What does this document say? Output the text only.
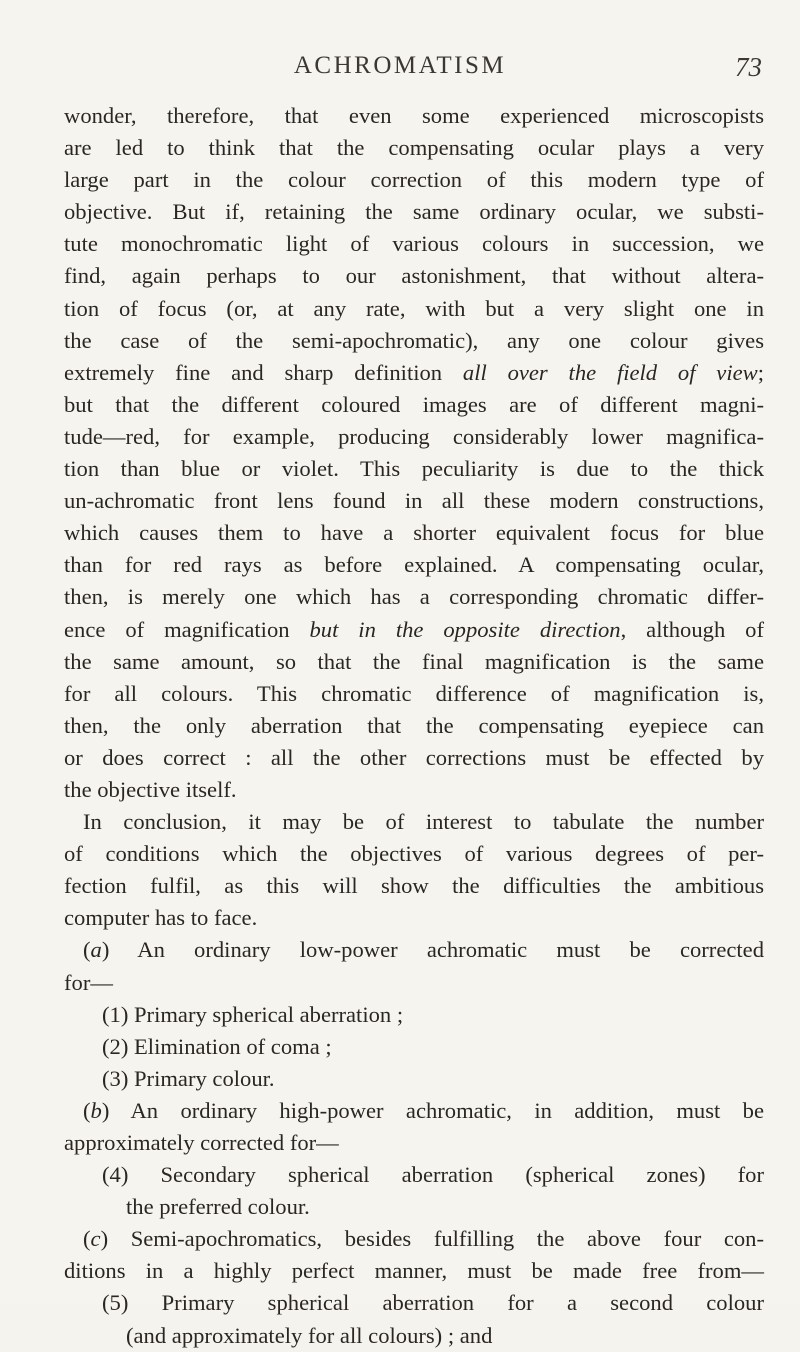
ACHROMATISM	73
wonder, therefore, that even some experienced microscopists
are led to think that the compensating ocular plays a very
large part in the colour correction of this modern type of
objective. But if, retaining the same ordinary ocular, we substi-
tute monochromatic light of various colours in succession, we
find, again perhaps to our astonishment, that without altera-
tion of focus (or, at any rate, with but a very slight one in
the case of the semi-apochromatic), any one colour gives
extremely fine and sharp definition all over the field of view;
but that the different coloured images are of different magni-
tude—red, for example, producing considerably lower magnifica-
tion than blue or violet. This peculiarity is due to the thick
un-achromatic front lens found in all these modern constructions,
which causes them to have a shorter equivalent focus for blue
than for red rays as before explained. A compensating ocular,
then, is merely one which has a corresponding chromatic differ-
ence of magnification but in the opposite direction, although of
the same amount, so that the final magnification is the same
for all colours. This chromatic difference of magnification is,
then, the only aberration that the compensating eyepiece can
or does correct : all the other corrections must be effected by
the objective itself.
In conclusion, it may be of interest to tabulate the number
of conditions which the objectives of various degrees of per-
fection fulfil, as this will show the difficulties the ambitious
computer has to face.
(a) An ordinary low-power achromatic must be corrected
for—
(1) Primary spherical aberration ;
(2) Elimination of coma ;
(3) Primary colour.
(b) An ordinary high-power achromatic, in addition, must be
approximately corrected for—
(4) Secondary spherical aberration (spherical zones) for
the preferred colour.
(c) Semi-apochromatics, besides fulfilling the above four con-
ditions in a highly perfect manner, must be made free from—
(5) Primary spherical aberration for a second colour
(and approximately for all colours) ; and
